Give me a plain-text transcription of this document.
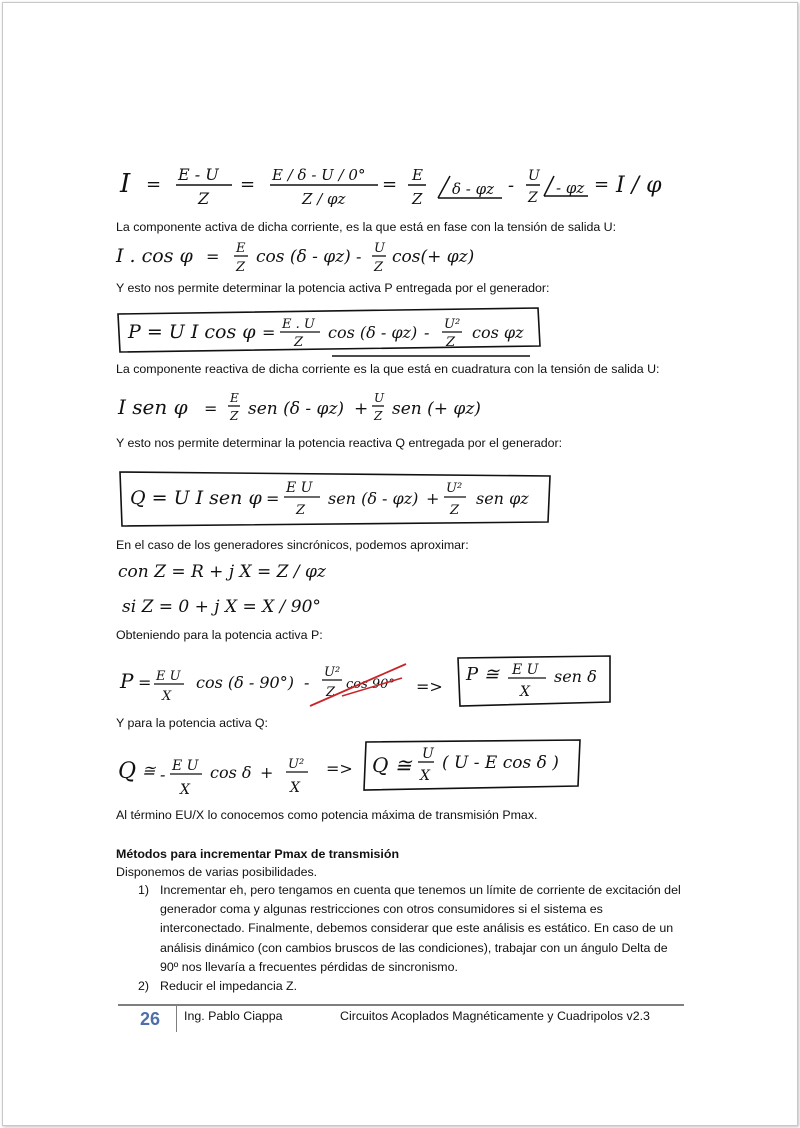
I = E - U
Z
= E / δ - U / 0°
Z / φz
= E
Z
δ - φz - U
Z
- φz = I / φ
La componente activa de dicha corriente, es la que está en fase con la tensión de salida U:
I . cos φ = E
Z
cos (δ - φz) - U
Z
cos(+ φz)
Y esto nos permite determinar la potencia activa P entregada por el generador:
P = U I cos φ = E . U
Z
cos (δ - φz) - U²
Z
cos φz
La componente reactiva de dicha corriente es la que está en cuadratura con la tensión de salida U:
I sen φ =
E
Z sen (δ - φz) +
U
Z sen (+ φz)
Y esto nos permite determinar la potencia reactiva Q entregada por el generador:
Q = U I sen φ =
E U
Z
sen (δ - φz) +
U²
Z
sen φz
En el caso de los generadores sincrónicos, podemos aproximar:
con Z = R + j X = Z / φz
si Z = 0 + j X = X / 90°
Obteniendo para la potencia activa P:
P = E U
X
cos (δ - 90°) -
U²
Z
cos 90° =>
P ≅ E U
X
sen δ
Y para la potencia activa Q:
Q ≅ - E U
X
cos δ + U²
X
=> Q ≅ U
X
( U - E cos δ )
Al término EU/X lo conocemos como potencia máxima de transmisión Pmax.
Métodos para incrementar Pmax de transmisión
Disponemos de varias posibilidades.
1) Incrementar eh, pero tengamos en cuenta que tenemos un límite de corriente de excitación del generador coma y algunas restricciones con otros consumidores si el sistema es interconectado. Finalmente, debemos considerar que este análisis es estático. En caso de un análisis dinámico (con cambios bruscos de las condiciones), trabajar con un ángulo Delta de 90º nos llevaría a frecuentes pérdidas de sincronismo.
2) Reducir el impedancia Z.
26 Ing. Pablo Ciappa	Circuitos Acoplados Magnéticamente y Cuadripolos v2.3
